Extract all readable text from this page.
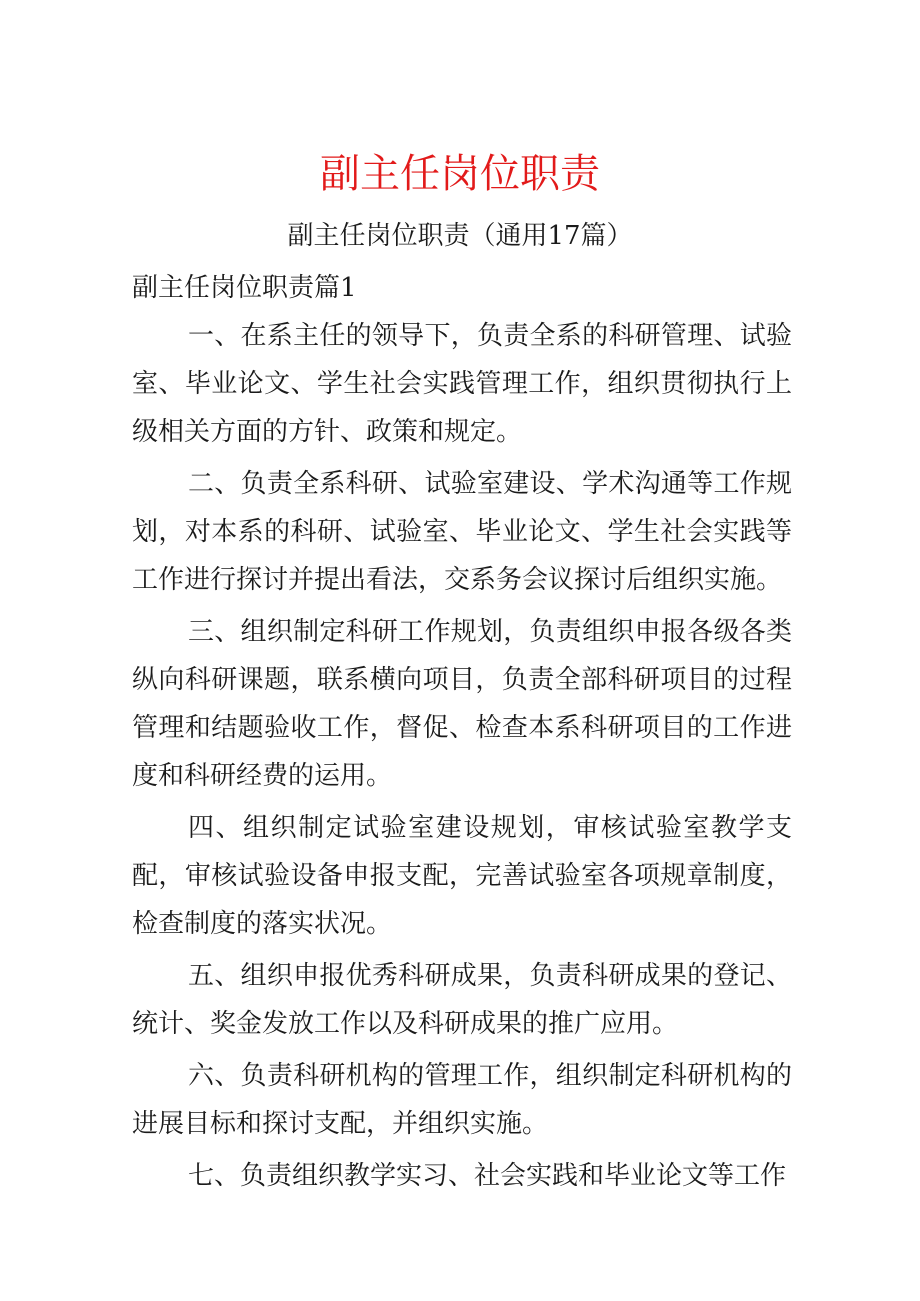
副主任岗位职责

副主任岗位职责（通用17篇）

副主任岗位职责篇1

一、在系主任的领导下，负责全系的科研管理、试验室、毕业论文、学生社会实践管理工作，组织贯彻执行上级相关方面的方针、政策和规定。

二、负责全系科研、试验室建设、学术沟通等工作规划，对本系的科研、试验室、毕业论文、学生社会实践等工作进行探讨并提出看法，交系务会议探讨后组织实施。

三、组织制定科研工作规划，负责组织申报各级各类纵向科研课题，联系横向项目，负责全部科研项目的过程管理和结题验收工作，督促、检查本系科研项目的工作进度和科研经费的运用。

四、组织制定试验室建设规划，审核试验室教学支配，审核试验设备申报支配，完善试验室各项规章制度，检查制度的落实状况。

五、组织申报优秀科研成果，负责科研成果的登记、统计、奖金发放工作以及科研成果的推广应用。

六、负责科研机构的管理工作，组织制定科研机构的进展目标和探讨支配，并组织实施。

七、负责组织教学实习、社会实践和毕业论文等工作
